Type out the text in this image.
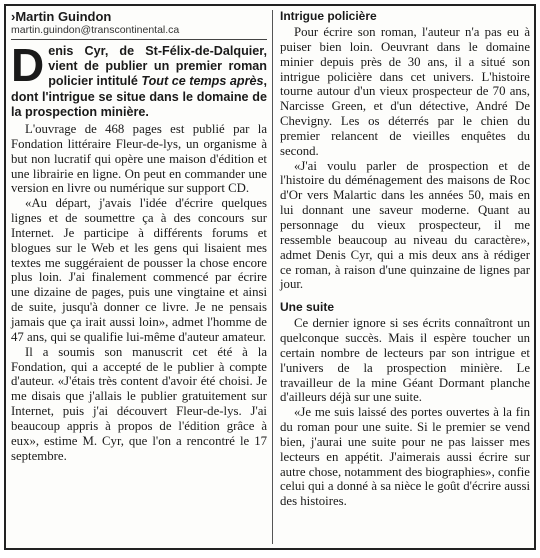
›Martin Guindon
martin.guindon@transcontinental.ca
Denis Cyr, de St-Félix-de-Dalquier, vient de publier un premier roman policier intitulé Tout ce temps après, dont l'intrigue se situe dans le domaine de la prospection minière.

L'ouvrage de 468 pages est publié par la Fondation littéraire Fleur-de-lys, un organisme à but non lucratif qui opère une maison d'édition et une librairie en ligne. On peut en commander une version en livre ou numérique sur support CD.

«Au départ, j'avais l'idée d'écrire quelques lignes et de soumettre ça à des concours sur Internet. Je participe à différents forums et blogues sur le Web et les gens qui lisaient mes textes me suggéraient de pousser la chose encore plus loin. J'ai finalement commencé par écrire une dizaine de pages, puis une vingtaine et ainsi de suite, jusqu'à donner ce livre. Je ne pensais jamais que ça irait aussi loin», admet l'homme de 47 ans, qui se qualifie lui-même d'auteur amateur.

Il a soumis son manuscrit cet été à la Fondation, qui a accepté de le publier à compte d'auteur. «J'étais très content d'avoir été choisi. Je me disais que j'allais le publier gratuitement sur Internet, puis j'ai découvert Fleur-de-lys. J'ai beaucoup appris à propos de l'édition grâce à eux», estime M. Cyr, que l'on a rencontré le 17 septembre.

Intrigue policière

Pour écrire son roman, l'auteur n'a pas eu à puiser bien loin. Oeuvrant dans le domaine minier depuis près de 30 ans, il a situé son intrigue policière dans cet univers. L'histoire tourne autour d'un vieux prospecteur de 70 ans, Narcisse Green, et d'un détective, André De Chevigny. Les os déterrés par le chien du premier relancent de vieilles enquêtes du second.

«J'ai voulu parler de prospection et de l'histoire du déménagement des maisons de Roc d'Or vers Malartic dans les années 50, mais en lui donnant une saveur moderne. Quant au personnage du vieux prospecteur, il me ressemble beaucoup au niveau du caractère», admet Denis Cyr, qui a mis deux ans à rédiger ce roman, à raison d'une quinzaine de lignes par jour.

Une suite

Ce dernier ignore si ses écrits connaîtront un quelconque succès. Mais il espère toucher un certain nombre de lecteurs par son intrigue et l'univers de la prospection minière. Le travailleur de la mine Géant Dormant planche d'ailleurs déjà sur une suite.

«Je me suis laissé des portes ouvertes à la fin du roman pour une suite. Si le premier se vend bien, j'aurai une suite pour ne pas laisser mes lecteurs en appétit. J'aimerais aussi écrire sur autre chose, notamment des biographies», confie celui qui a donné à sa nièce le goût d'écrire aussi des histoires.
